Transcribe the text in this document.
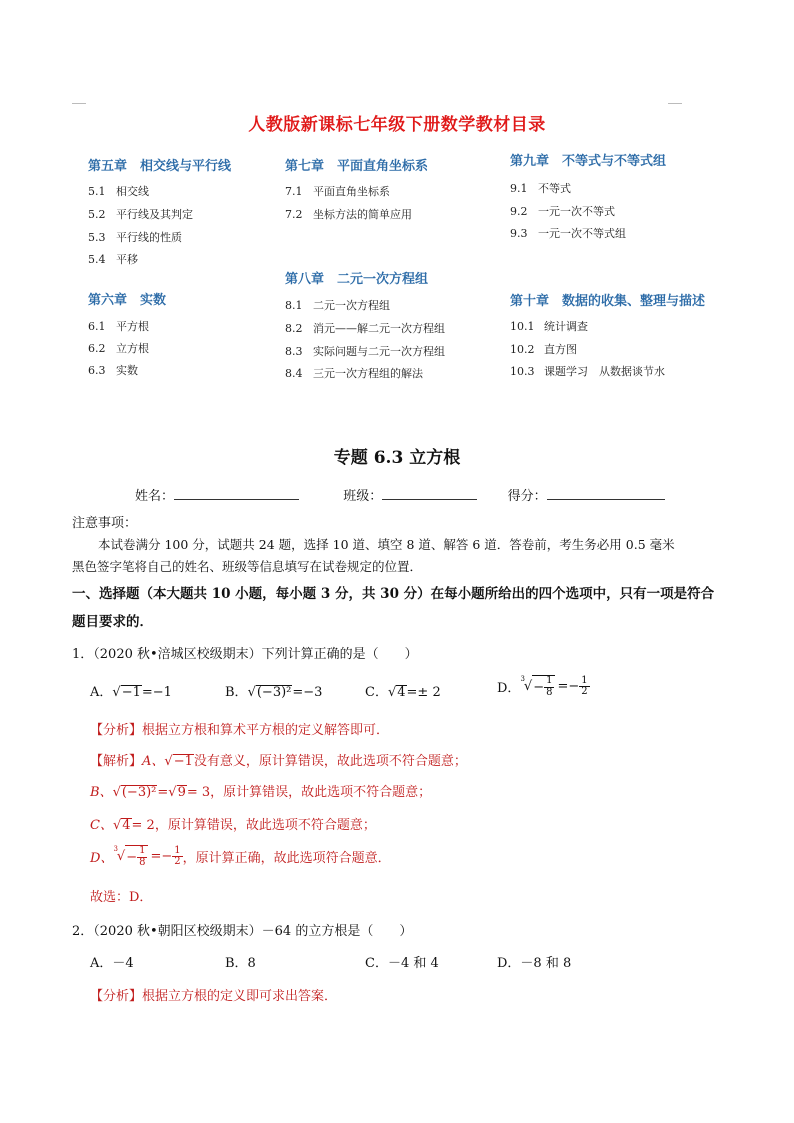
人教版新课标七年级下册数学教材目录
第五章　相交线与平行线
5.1 相交线
5.2 平行线及其判定
5.3 平行线的性质
5.4 平移
第六章　实数
6.1 平方根
6.2 立方根
6.3 实数
第七章　平面直角坐标系
7.1 平面直角坐标系
7.2 坐标方法的简单应用
第八章　二元一次方程组
8.1 二元一次方程组
8.2 消元——解二元一次方程组
8.3 实际问题与二元一次方程组
8.4 三元一次方程组的解法
第九章　不等式与不等式组
9.1 不等式
9.2 一元一次不等式
9.3 一元一次不等式组
第十章　数据的收集、整理与描述
10.1 统计调查
10.2 直方图
10.3 课题学习　从数据谈节水
专题 6.3 立方根
姓名：	班级：	得分：
注意事项：
本试卷满分 100 分，试题共 24 题，选择 10 道、填空 8 道、解答 6 道．答卷前，考生务必用 0.5 毫米
黑色签字笔将自己的姓名、班级等信息填写在试卷规定的位置．
一、选择题（本大题共 10 小题，每小题 3 分，共 30 分）在每小题所给出的四个选项中，只有一项是符合
题目要求的．
1．（2020 秋•涪城区校级期末）下列计算正确的是（　　）
A．√−1=−1	B．√(−3)²=−3	C．√4=± 2	D．
$^3$ √ − $\frac{1}{8} =- \frac{1}{2}$
【分析】根据立方根和算术平方根的定义解答即可．
【解析】A、√−1没有意义，原计算错误，故此选项不符合题意；
B、√(−3)²=√9= 3，原计算错误，故此选项不符合题意；
C、√4= 2，原计算错误，故此选项不符合题意；
D、
$^3$ √ − $\frac{1}{8} =- \frac{1}{2}$ ，原计算正确，故此选项符合题意．
故选：D．
2．（2020 秋•朝阳区校级期末）－64 的立方根是（　　）
A．－4	B．8	C．－4 和 4	D．－8 和 8
【分析】根据立方根的定义即可求出答案．
